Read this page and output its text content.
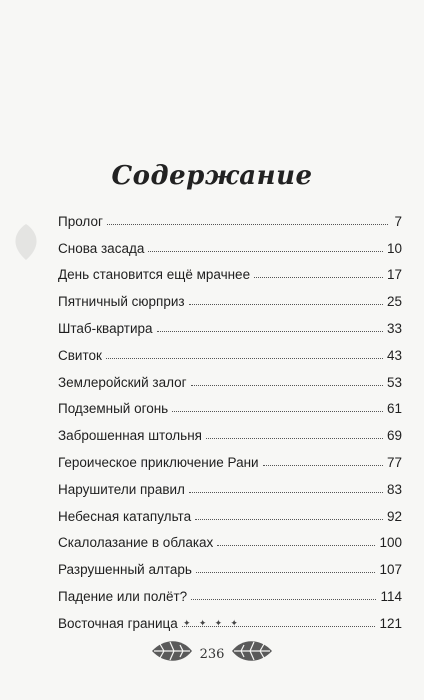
Содержание
Пролог	7
Снова засада	10
День становится ещё мрачнее	17
Пятничный сюрприз	25
Штаб-квартира	33
Свиток	43
Землеройский залог	53
Подземный огонь	61
Заброшенная штольня	69
Героическое приключение Рани	77
Нарушители правил	83
Небесная катапульта	92
Скалолазание в облаках	100
Разрушенный алтарь	107
Падение или полёт?	114
Восточная граница	121
✦ ✦ ✦ ✦
236
